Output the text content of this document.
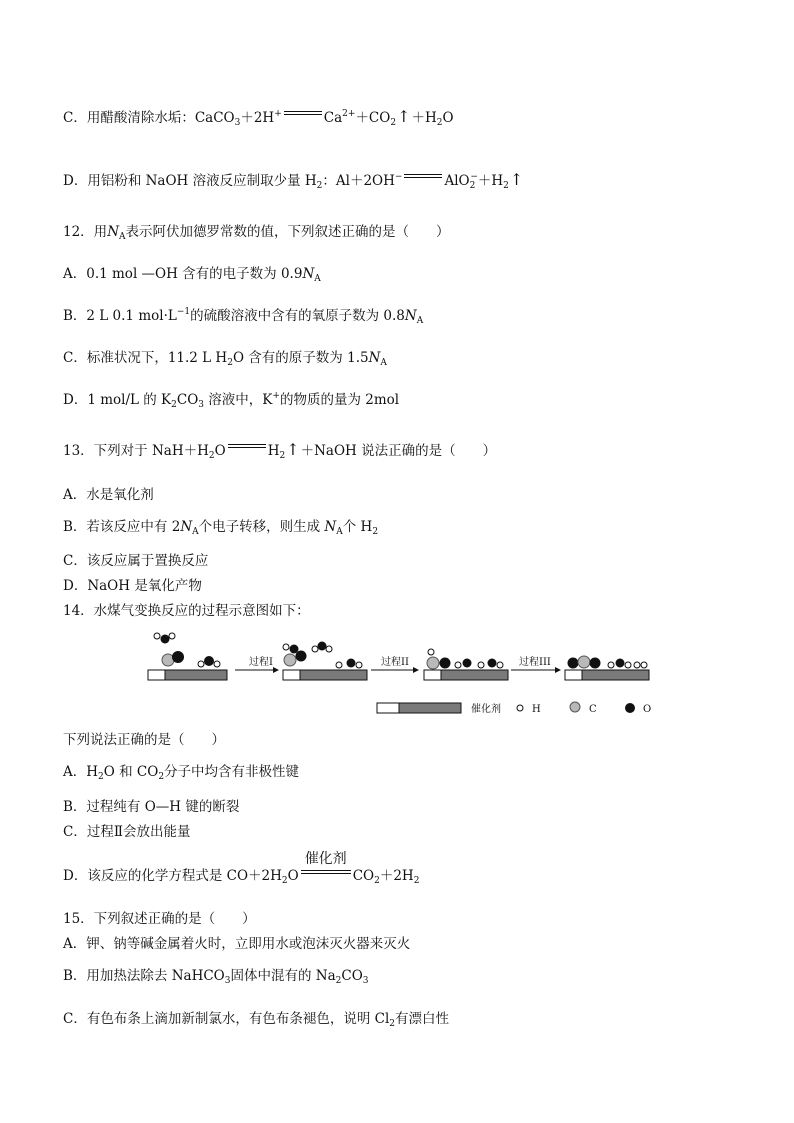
C．用醋酸清除水垢：CaCO$_3$＋2H+	$Ca^{2+}+CO_2↑+H_2O$
D．用铝粉和 NaOH 溶液反应制取少量 $H_2$：Al＋2OH−	$AlO_2^-+H_2↑$
12．用$N_A$表示阿伏加德罗常数的值，下列叙述正确的是（　　）
A．0.1 mol —OH 含有的电子数为 $0.9N_A$
B．2 L 0.1 $mol\cdot L^{-1}$的硫酸溶液中含有的氧原子数为 $0.8N_A$
C．标准状况下，11.2 L $H_2O$ 含有的原子数为 $1.5N_A$
D．1 mol/L 的 $K_2CO_3$ 溶液中，K+的物质的量为 2mol
13．下列对于 $NaH+H_2O$	$H_2↑+NaOH$ 说法正确的是（　　）
A．水是氧化剂
B．若该反应中有 $2N_A$个电子转移，则生成 $N_A$个 $H_2$
C．该反应属于置换反应
D．NaOH 是氧化产物
14．水煤气变换反应的过程示意图如下：
过程I	过程II	过程III
催化剂	H	C	O
下列说法正确的是（　　）
A．$H_2O$ 和 $CO_2$分子中均含有非极性键
B．过程纯有 O—H 键的断裂
C．过程Ⅱ会放出能量
D．该反应的化学方程式是 $CO+2H_2O$
催化剂
$CO_2+2H_2$
15．下列叙述正确的是（　　）
A．钾、钠等碱金属着火时，立即用水或泡沫灭火器来灭火
B．用加热法除去 NaHCO$_3$固体中混有的 $Na_2CO_3$
C．有色布条上滴加新制氯水，有色布条褪色，说明 $Cl_2$有漂白性
